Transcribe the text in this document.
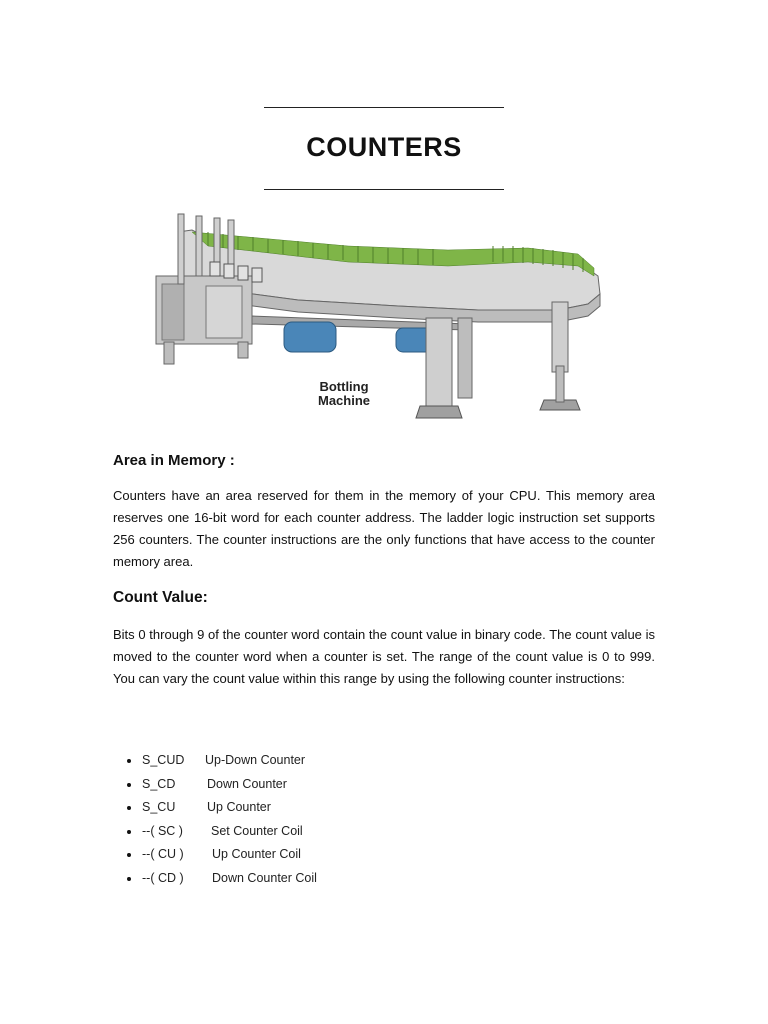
COUNTERS
Bottling
Machine
Area in Memory :

Counters have an area reserved for them in the memory of your CPU. This memory area reserves one 16-bit word for each counter address. The ladder logic instruction set supports 256 counters. The counter instructions are the only functions that have access to the counter memory area.

Count Value:

Bits 0 through 9 of the counter word contain the count value in binary code. The count value is moved to the counter word when a counter is set. The range of the count value is 0 to 999. You can vary the count value within this range by using the following counter instructions:

S_CUD Up-Down Counter
S_CD	Down Counter
S_CU	Up Counter
--( SC ) Set Counter Coil
--( CU ) Up Counter Coil
--( CD ) Down Counter Coil
